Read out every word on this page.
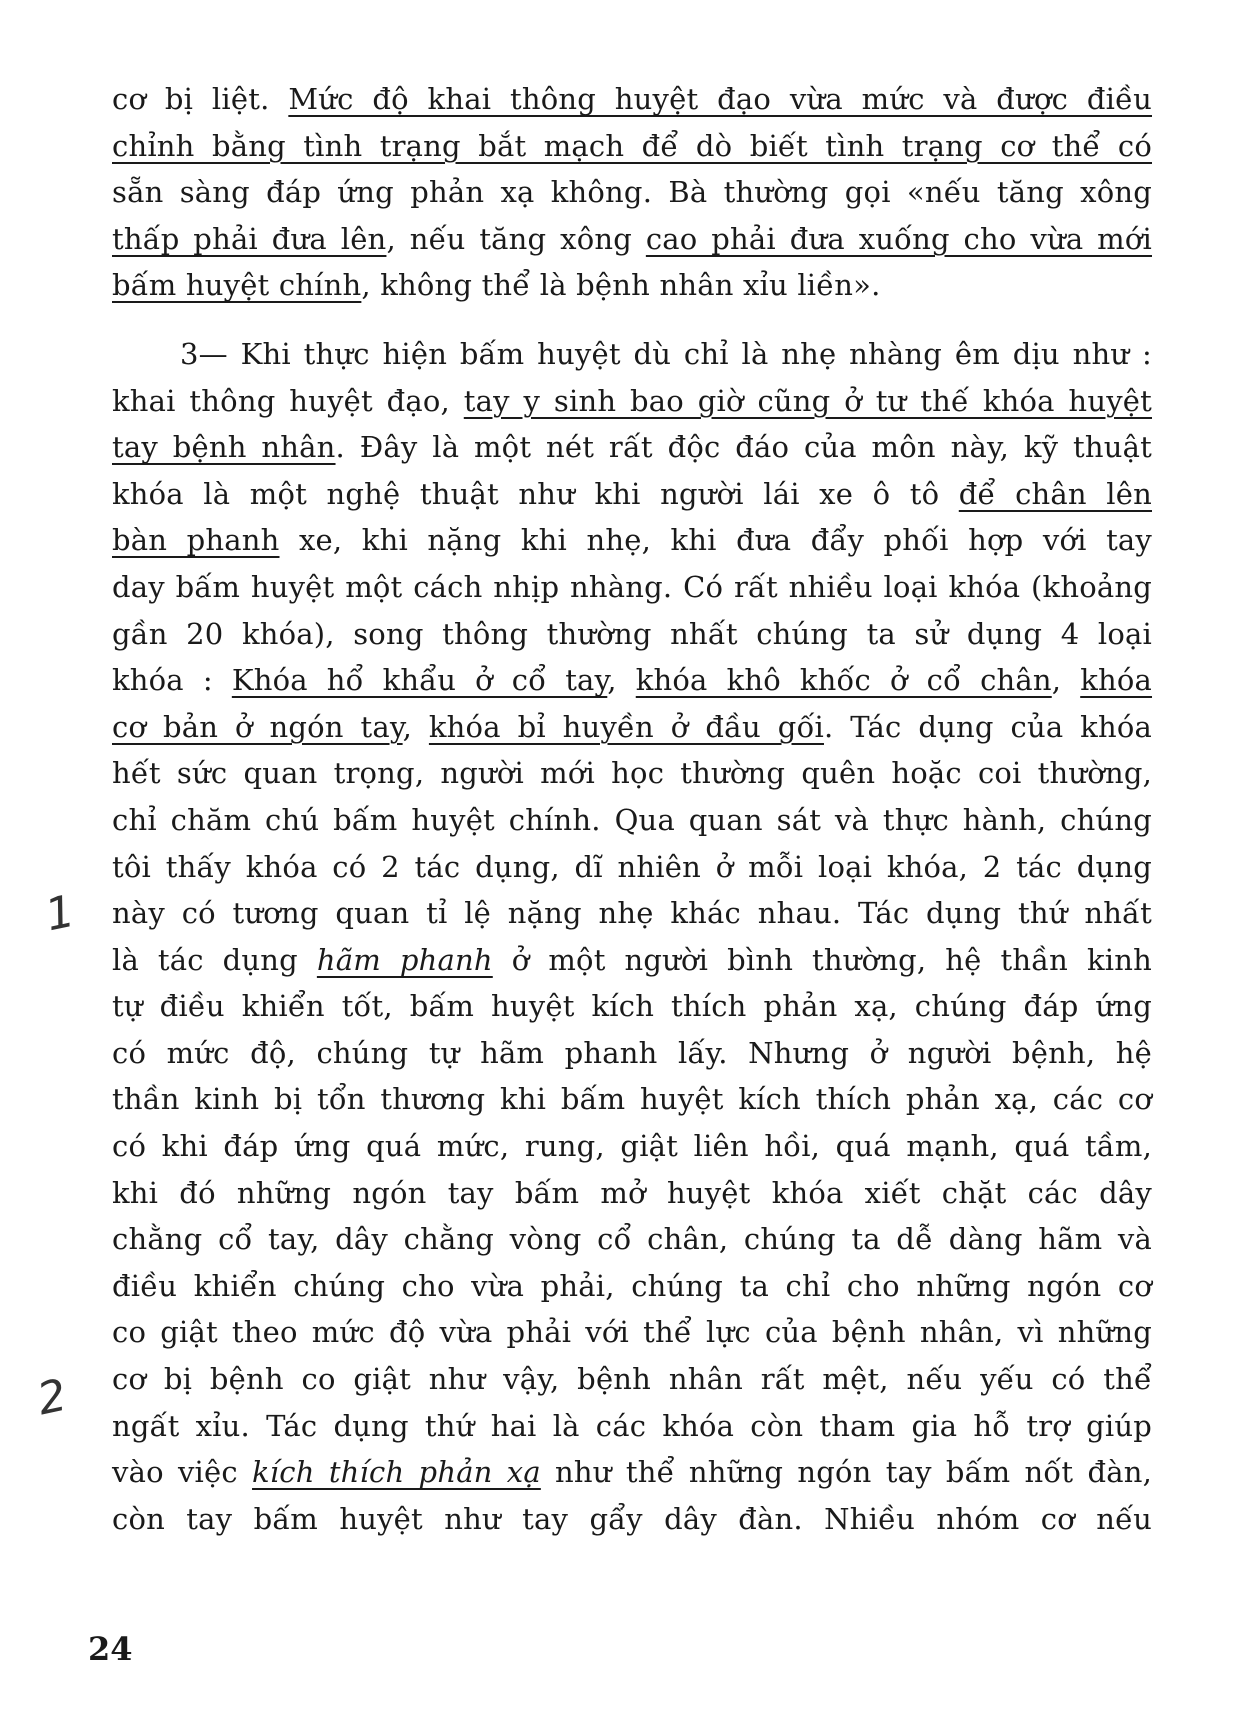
cơ bị liệt. Mức độ khai thông huyệt đạo vừa mức và được điều
chỉnh bằng tình trạng bắt mạch để dò biết tình trạng cơ thể có
sẵn sàng đáp ứng phản xạ không. Bà thường gọi «nếu tăng xông
thấp phải đưa lên, nếu tăng xông cao phải đưa xuống cho vừa mới
bấm huyệt chính, không thể là bệnh nhân xỉu liền».
3— Khi thực hiện bấm huyệt dù chỉ là nhẹ nhàng êm dịu như :
khai thông huyệt đạo, tay y sinh bao giờ cũng ở tư thế khóa huyệt
tay bệnh nhân. Đây là một nét rất độc đáo của môn này, kỹ thuật
khóa là một nghệ thuật như khi người lái xe ô tô để chân lên
bàn phanh xe, khi nặng khi nhẹ, khi đưa đẩy phối hợp với tay
day bấm huyệt một cách nhịp nhàng. Có rất nhiều loại khóa (khoảng
gần 20 khóa), song thông thường nhất chúng ta sử dụng 4 loại
khóa : Khóa hổ khẩu ở cổ tay, khóa khô khốc ở cổ chân, khóa
cơ bản ở ngón tay, khóa bỉ huyền ở đầu gối. Tác dụng của khóa
hết sức quan trọng, người mới học thường quên hoặc coi thường,
chỉ chăm chú bấm huyệt chính. Qua quan sát và thực hành, chúng
tôi thấy khóa có 2 tác dụng, dĩ nhiên ở mỗi loại khóa, 2 tác dụng
này có tương quan tỉ lệ nặng nhẹ khác nhau. Tác dụng thứ nhất
là tác dụng hãm phanh ở một người bình thường, hệ thần kinh
tự điều khiển tốt, bấm huyệt kích thích phản xạ, chúng đáp ứng
có mức độ, chúng tự hãm phanh lấy. Nhưng ở người bệnh, hệ
thần kinh bị tổn thương khi bấm huyệt kích thích phản xạ, các cơ
có khi đáp ứng quá mức, rung, giật liên hồi, quá mạnh, quá tầm,
khi đó những ngón tay bấm mở huyệt khóa xiết chặt các dây
chằng cổ tay, dây chằng vòng cổ chân, chúng ta dễ dàng hãm và
điều khiển chúng cho vừa phải, chúng ta chỉ cho những ngón cơ
co giật theo mức độ vừa phải với thể lực của bệnh nhân, vì những
cơ bị bệnh co giật như vậy, bệnh nhân rất mệt, nếu yếu có thể
ngất xỉu. Tác dụng thứ hai là các khóa còn tham gia hỗ trợ giúp
vào việc kích thích phản xạ như thể những ngón tay bấm nốt đàn,
còn tay bấm huyệt như tay gẩy dây đàn. Nhiều nhóm cơ nếu
1
2
24
